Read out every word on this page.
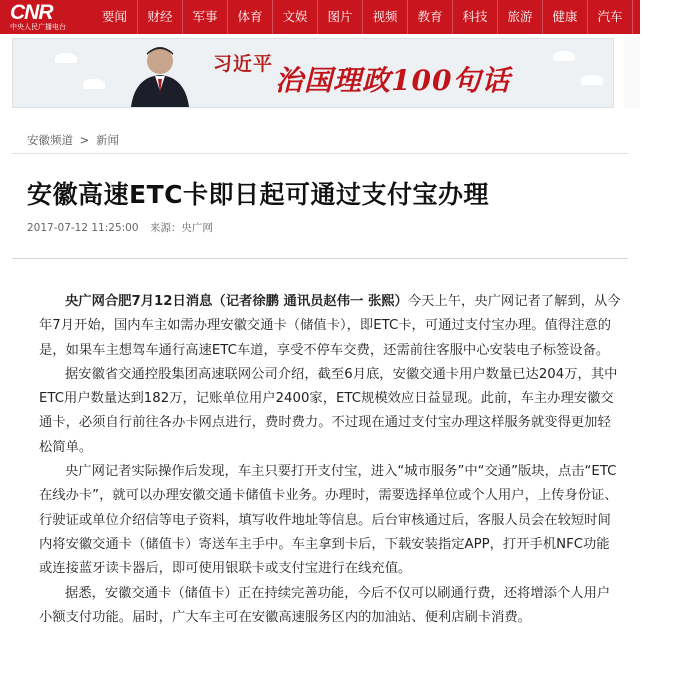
CNR
中央人民广播电台
要闻	财经	军事	体育	文娱	图片	视频	教育	科技	旅游	健康	汽车	公益
习近平 治国理政100句话
安徽频道 > 新闻
安徽高速ETC卡即日起可通过支付宝办理
2017-07-12 11:25:00 来源：央广网

央广网合肥7月12日消息（记者徐鹏 通讯员赵伟一 张熙）今天上午，央广网记者了解到，从今年7月开始，国内车主如需办理安徽交通卡（储值卡），即ETC卡，可通过支付宝办理。值得注意的是，如果车主想驾车通行高速ETC车道，享受不停车交费，还需前往客服中心安装电子标签设备。

据安徽省交通控股集团高速联网公司介绍，截至6月底，安徽交通卡用户数量已达204万，其中ETC用户数量达到182万，记账单位用户2400家，ETC规模效应日益显现。此前，车主办理安徽交通卡，必须自行前往各办卡网点进行，费时费力。不过现在通过支付宝办理这样服务就变得更加轻松简单。

央广网记者实际操作后发现，车主只要打开支付宝，进入“城市服务”中“交通”版块，点击“ETC在线办卡”，就可以办理安徽交通卡储值卡业务。办理时，需要选择单位或个人用户，上传身份证、行驶证或单位介绍信等电子资料，填写收件地址等信息。后台审核通过后，客服人员会在较短时间内将安徽交通卡（储值卡）寄送车主手中。车主拿到卡后，下载安装指定APP，打开手机NFC功能或连接蓝牙读卡器后，即可使用银联卡或支付宝进行在线充值。

据悉，安徽交通卡（储值卡）正在持续完善功能，今后不仅可以刷通行费，还将增添个人用户小额支付功能。届时，广大车主可在安徽高速服务区内的加油站、便利店刷卡消费。
